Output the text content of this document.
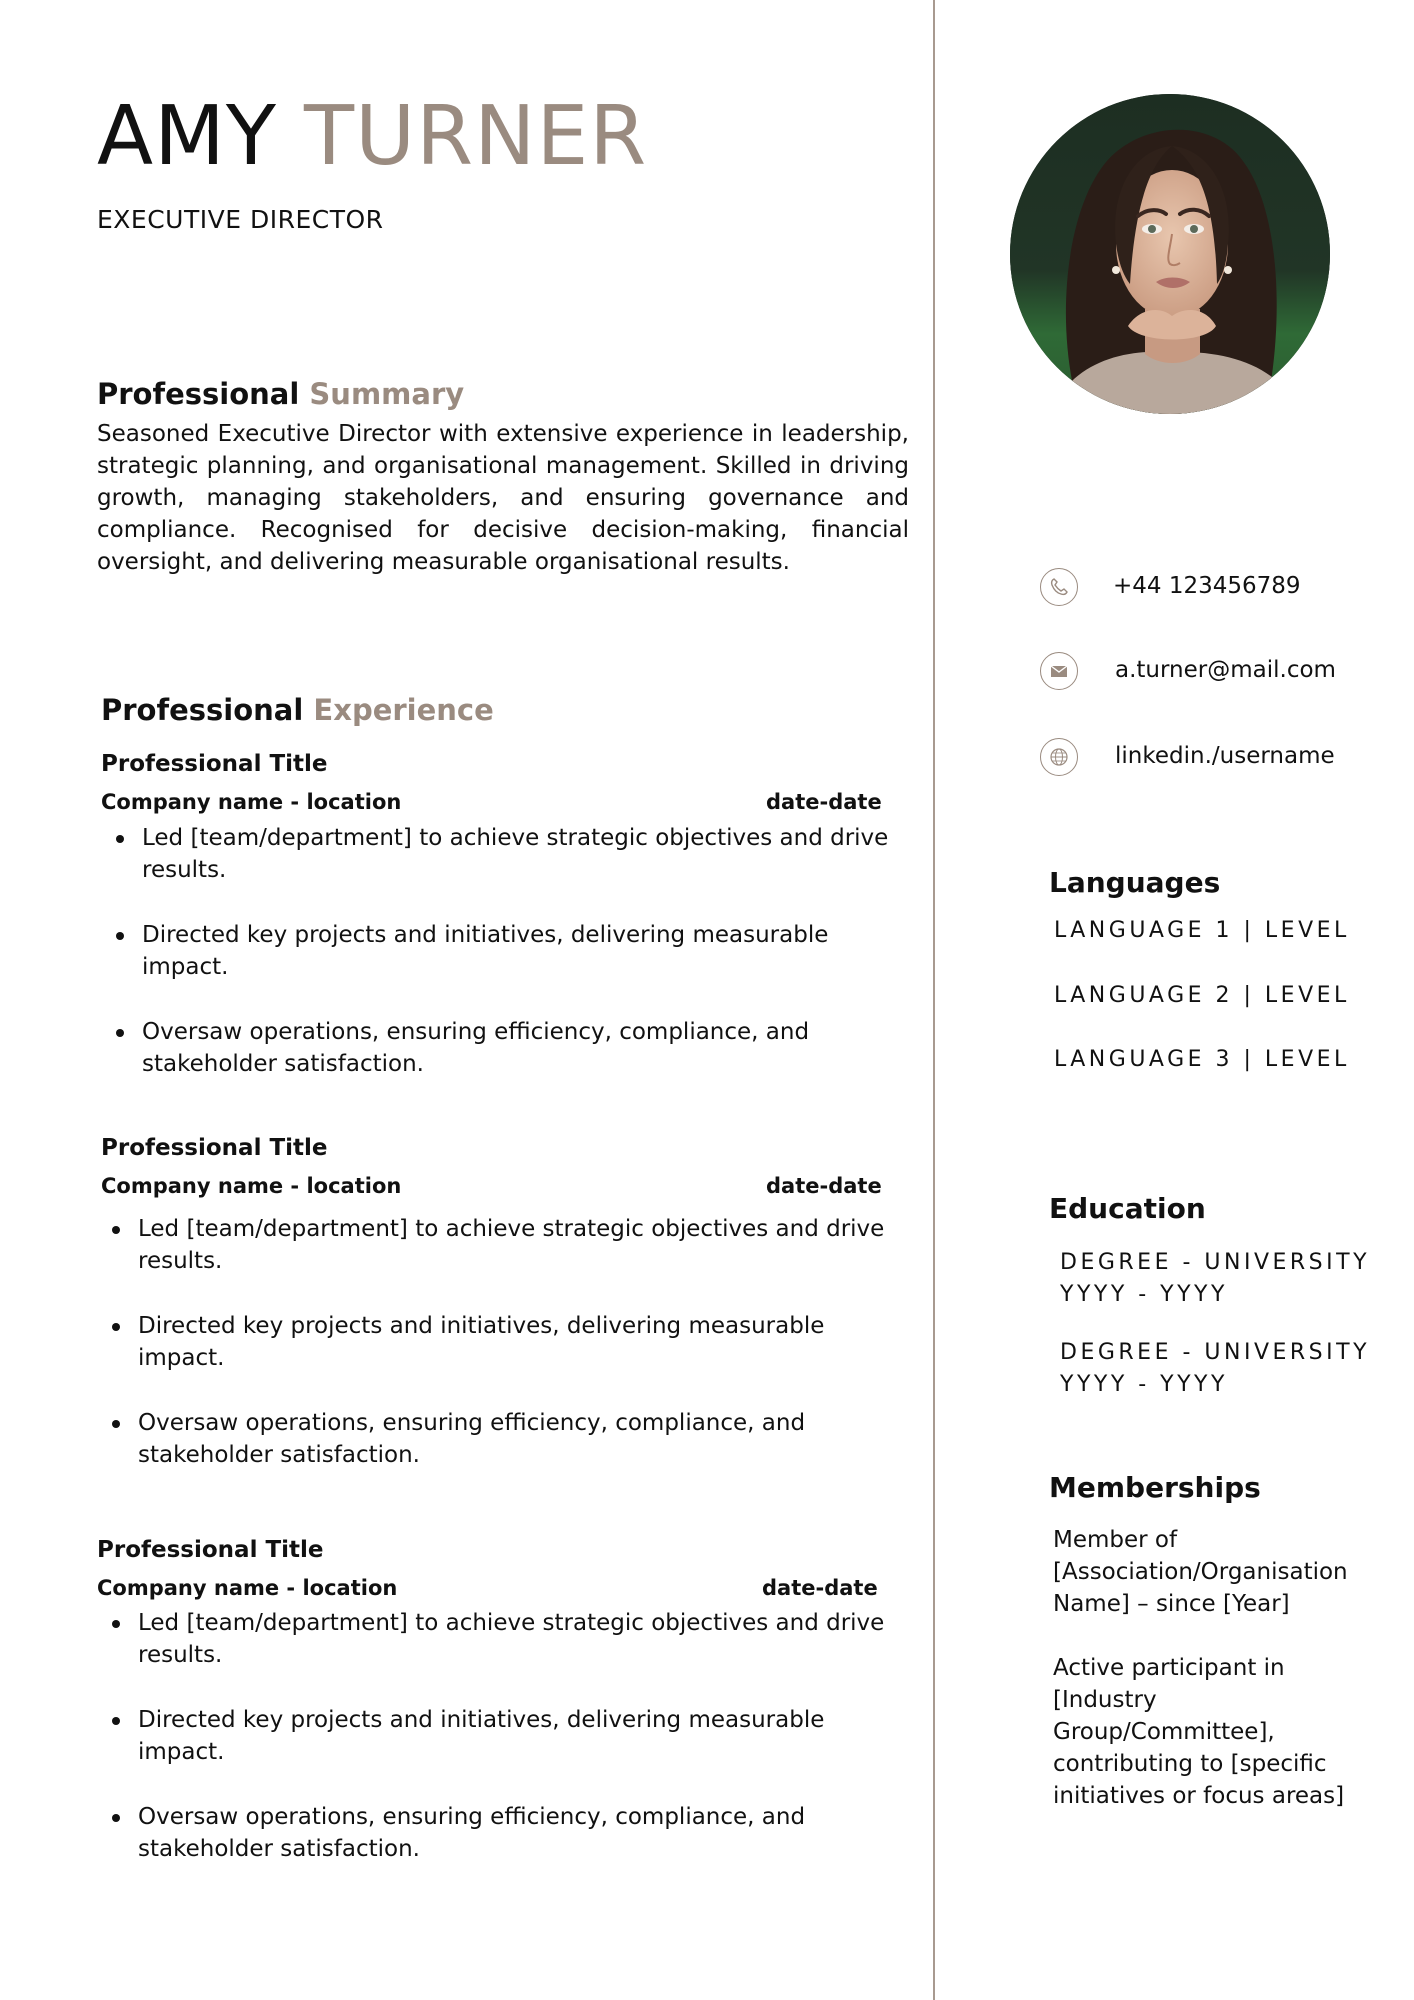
AMY TURNER
EXECUTIVE DIRECTOR
Professional Summary
Seasoned Executive Director with extensive experience in leadership, strategic planning, and organisational management. Skilled in driving growth, managing stakeholders, and ensuring governance and compliance. Recognised for decisive decision-making, financial oversight, and delivering measurable organisational results.
Professional Experience
Professional Title
Company name - location	date-date
Led [team/department] to achieve strategic objectives and drive results.
Directed key projects and initiatives, delivering measurable impact.
Oversaw operations, ensuring efficiency, compliance, and stakeholder satisfaction.
Professional Title
Company name - location	date-date
Led [team/department] to achieve strategic objectives and drive results.
Directed key projects and initiatives, delivering measurable impact.
Oversaw operations, ensuring efficiency, compliance, and stakeholder satisfaction.
Professional Title
Company name - location	date-date
Led [team/department] to achieve strategic objectives and drive results.
Directed key projects and initiatives, delivering measurable impact.
Oversaw operations, ensuring efficiency, compliance, and stakeholder satisfaction.
+44 123456789
a.turner@mail.com
linkedin./username
Languages
LANGUAGE 1 | LEVEL
LANGUAGE 2 | LEVEL
LANGUAGE 3 | LEVEL
Education
DEGREE - UNIVERSITY
YYYY - YYYY
DEGREE - UNIVERSITY
YYYY - YYYY
Memberships
Member of [Association/Organisation Name] – since [Year]
Active participant in [Industry Group/Committee], contributing to [specific initiatives or focus areas]
